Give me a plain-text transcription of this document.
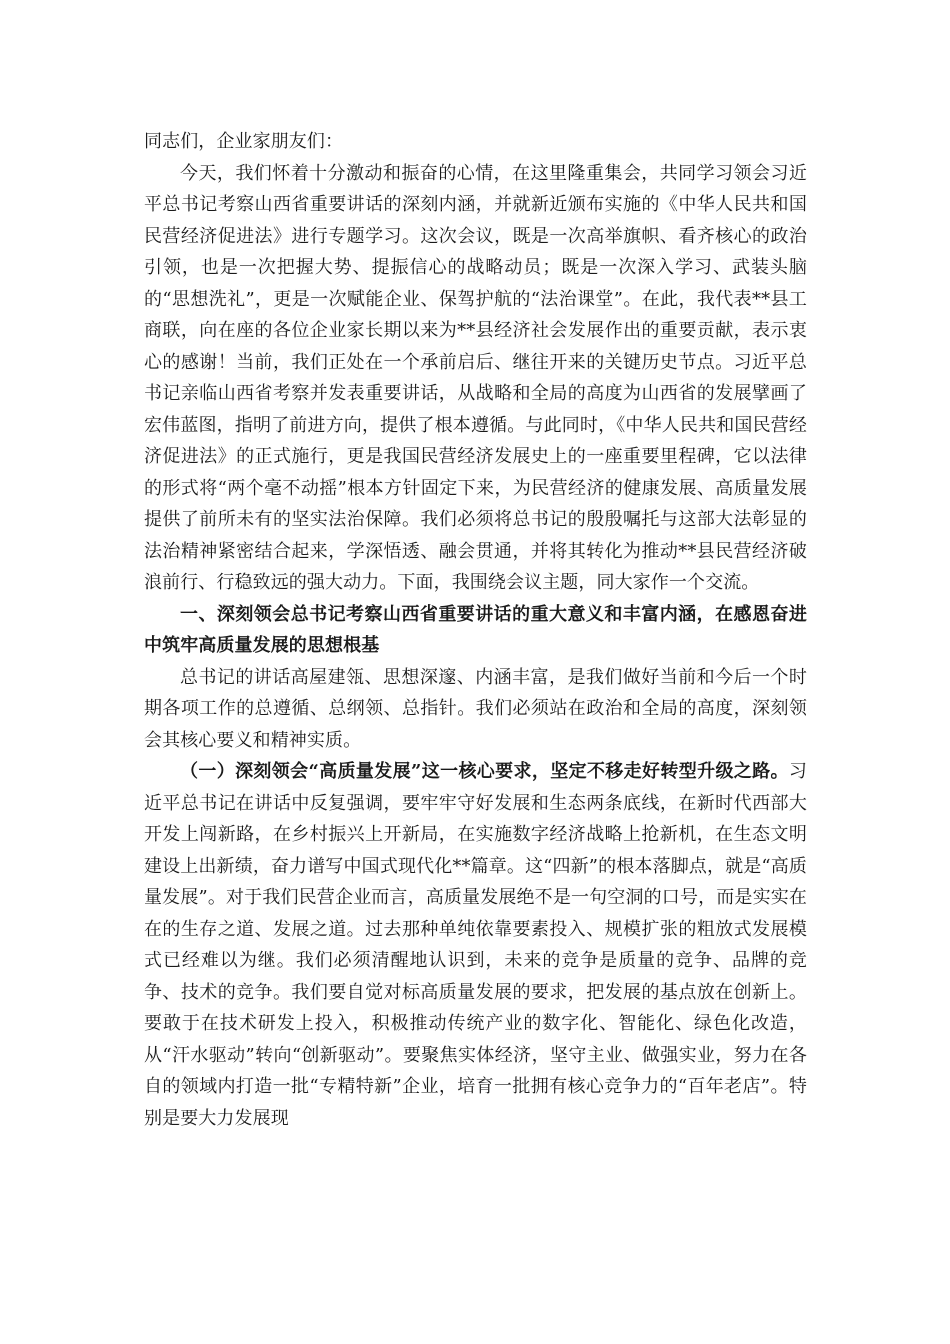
同志们，企业家朋友们：

今天，我们怀着十分激动和振奋的心情，在这里隆重集会，共同学习领会习近平总书记考察山西省重要讲话的深刻内涵，并就新近颁布实施的《中华人民共和国民营经济促进法》进行专题学习。这次会议，既是一次高举旗帜、看齐核心的政治引领，也是一次把握大势、提振信心的战略动员；既是一次深入学习、武装头脑的“思想洗礼”，更是一次赋能企业、保驾护航的“法治课堂”。在此，我代表**县工商联，向在座的各位企业家长期以来为**县经济社会发展作出的重要贡献，表示衷心的感谢！当前，我们正处在一个承前启后、继往开来的关键历史节点。习近平总书记亲临山西省考察并发表重要讲话，从战略和全局的高度为山西省的发展擘画了宏伟蓝图，指明了前进方向，提供了根本遵循。与此同时，《中华人民共和国民营经济促进法》的正式施行，更是我国民营经济发展史上的一座重要里程碑，它以法律的形式将“两个毫不动摇”根本方针固定下来，为民营经济的健康发展、高质量发展提供了前所未有的坚实法治保障。我们必须将总书记的殷殷嘱托与这部大法彰显的法治精神紧密结合起来，学深悟透、融会贯通，并将其转化为推动**县民营经济破浪前行、行稳致远的强大动力。下面，我围绕会议主题，同大家作一个交流。

一、深刻领会总书记考察山西省重要讲话的重大意义和丰富内涵，在感恩奋进中筑牢高质量发展的思想根基

总书记的讲话高屋建瓴、思想深邃、内涵丰富，是我们做好当前和今后一个时期各项工作的总遵循、总纲领、总指针。我们必须站在政治和全局的高度，深刻领会其核心要义和精神实质。

（一）深刻领会“高质量发展”这一核心要求，坚定不移走好转型升级之路。习近平总书记在讲话中反复强调，要牢牢守好发展和生态两条底线，在新时代西部大开发上闯新路，在乡村振兴上开新局，在实施数字经济战略上抢新机，在生态文明建设上出新绩，奋力谱写中国式现代化**篇章。这“四新”的根本落脚点，就是“高质量发展”。对于我们民营企业而言，高质量发展绝不是一句空洞的口号，而是实实在在的生存之道、发展之道。过去那种单纯依靠要素投入、规模扩张的粗放式发展模式已经难以为继。我们必须清醒地认识到，未来的竞争是质量的竞争、品牌的竞争、技术的竞争。我们要自觉对标高质量发展的要求，把发展的基点放在创新上。要敢于在技术研发上投入，积极推动传统产业的数字化、智能化、绿色化改造，从“汗水驱动”转向“创新驱动”。要聚焦实体经济，坚守主业、做强实业，努力在各自的领域内打造一批“专精特新”企业，培育一批拥有核心竞争力的“百年老店”。特别是要大力发展现
